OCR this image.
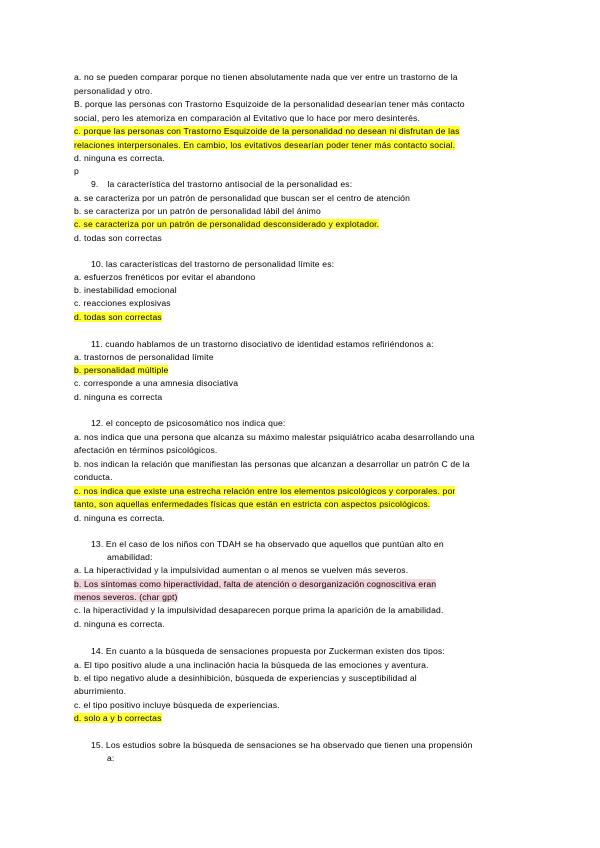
a. no se pueden comparar porque no tienen absolutamente nada que ver entre un trastorno de la
personalidad y otro.
B. porque las personas con Trastorno Esquizoide de la personalidad desearían tener más contacto
social, pero les atemoriza en comparación al Evitativo que lo hace por mero desinterés.
c. porque las personas con Trastorno Esquizoide de la personalidad no desean ni disfrutan de las
relaciones interpersonales. En cambio, los evitativos desearían poder tener más contacto social.
d. ninguna es correcta.
p
9. la característica del trastorno antisocial de la personalidad es:
a. se caracteriza por un patrón de personalidad que buscan ser el centro de atención
b. se caracteriza por un patrón de personalidad lábil del ánimo
c. se caracteriza por un patrón de personalidad desconsiderado y explotador.
d. todas son correctas
10. las características del trastorno de personalidad límite es:
a. esfuerzos frenéticos por evitar el abandono
b. inestabilidad emocional
c. reacciones explosivas
d. todas son correctas
11. cuando hablamos de un trastorno disociativo de identidad estamos refiriéndonos a:
a. trastornos de personalidad límite
b. personalidad múltiple
c. corresponde a una amnesia disociativa
d. ninguna es correcta
12. el concepto de psicosomático nos indica que:
a. nos indica que una persona que alcanza su máximo malestar psiquiátrico acaba desarrollando una
afectación en términos psicológicos.
b. nos indican la relación que manifiestan las personas que alcanzan a desarrollar un patrón C de la
conducta.
c. nos indica que existe una estrecha relación entre los elementos psicológicos y corporales. por
tanto, son aquellas enfermedades físicas que están en estricta con aspectos psicológicos.
d. ninguna es correcta.
13. En el caso de los niños con TDAH se ha observado que aquellos que puntúan alto en
amabilidad:
a. La hiperactividad y la impulsividad aumentan o al menos se vuelven más severos.
b. Los síntomas como hiperactividad, falta de atención o desorganización cognoscitiva eran
menos severos. (char gpt)
c. la hiperactividad y la impulsividad desaparecen porque prima la aparición de la amabilidad.
d. ninguna es correcta.
14. En cuanto a la búsqueda de sensaciones propuesta por Zuckerman existen dos tipos:
a. El tipo positivo alude a una inclinación hacia la búsqueda de las emociones y aventura.
b. el tipo negativo alude a desinhibición, búsqueda de experiencias y susceptibilidad al
aburrimiento.
c. el tipo positivo incluye búsqueda de experiencias.
d. solo a y b correctas
15. Los estudios sobre la búsqueda de sensaciones se ha observado que tienen una propensión
a:
